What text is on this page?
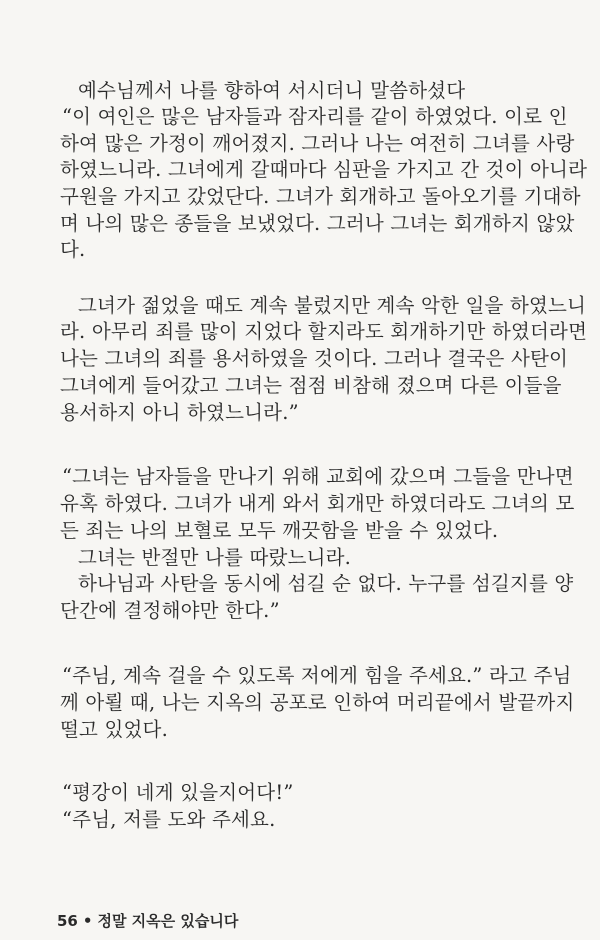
예수님께서 나를 향하여 서시더니 말씀하셨다
“이 여인은 많은 남자들과 잠자리를 같이 하였었다. 이로 인
하여 많은 가정이 깨어졌지. 그러나 나는 여전히 그녀를 사랑
하였느니라. 그녀에게 갈때마다 심판을 가지고 간 것이 아니라
구원을 가지고 갔었단다. 그녀가 회개하고 돌아오기를 기대하
며 나의 많은 종들을 보냈었다. 그러나 그녀는 회개하지 않았
다.
그녀가 젊었을 때도 계속 불렀지만 계속 악한 일을 하였느니
라. 아무리 죄를 많이 지었다 할지라도 회개하기만 하였더라면
나는 그녀의 죄를 용서하였을 것이다. 그러나 결국은 사탄이
그녀에게 들어갔고 그녀는 점점 비참해 졌으며 다른 이들을
용서하지 아니 하였느니라.”
“그녀는 남자들을 만나기 위해 교회에 갔으며 그들을 만나면
유혹 하였다. 그녀가 내게 와서 회개만 하였더라도 그녀의 모
든 죄는 나의 보혈로 모두 깨끗함을 받을 수 있었다.
그녀는 반절만 나를 따랐느니라.
하나님과 사탄을 동시에 섬길 순 없다. 누구를 섬길지를 양
단간에 결정해야만 한다.”
“주님, 계속 걸을 수 있도록 저에게 힘을 주세요.” 라고 주님
께 아뢸 때, 나는 지옥의 공포로 인하여 머리끝에서 발끝까지
떨고 있었다.
“평강이 네게 있을지어다!”
“주님, 저를 도와 주세요.
56 • 정말 지옥은 있습니다
